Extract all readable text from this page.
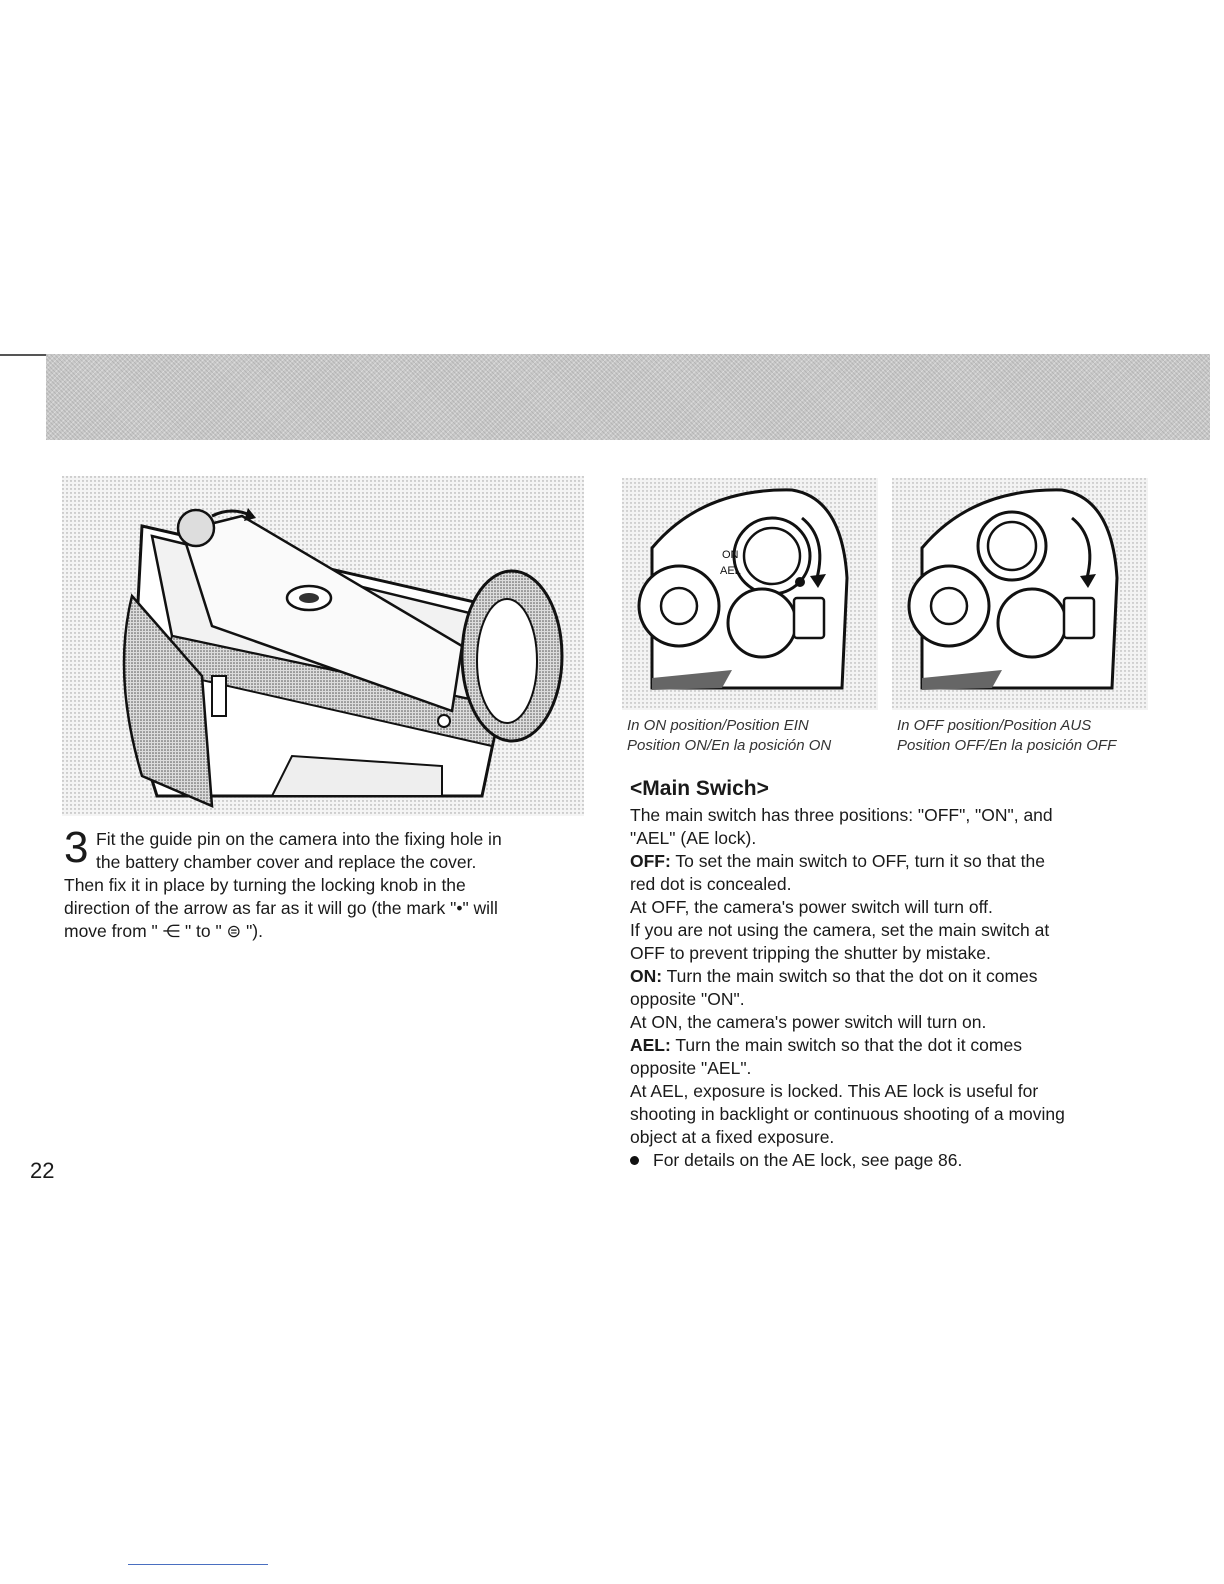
ON
AEL

In ON position/Position EIN

Position ON/En la posición ON

In OFF position/Position AUS

Position OFF/En la posición OFF

3 Fit the guide pin on the camera into the fixing hole in

the battery chamber cover and replace the cover.

Then fix it in place by turning the locking knob in the

direction of the arrow as far as it will go (the mark "•" will

move from " ⋲ " to " ⊜ ").

<Main Swich>

The main switch has three positions: "OFF", "ON", and

"AEL" (AE lock).

OFF: To set the main switch to OFF, turn it so that the

red dot is concealed.

At OFF, the camera's power switch will turn off.

If you are not using the camera, set the main switch at

OFF to prevent tripping the shutter by mistake.

ON: Turn the main switch so that the dot on it comes

opposite "ON".

At ON, the camera's power switch will turn on.

AEL: Turn the main switch so that the dot it comes

opposite "AEL".

At AEL, exposure is locked. This AE lock is useful for

shooting in backlight or continuous shooting of a moving

object at a fixed exposure.

For details on the AE lock, see page 86.

22
